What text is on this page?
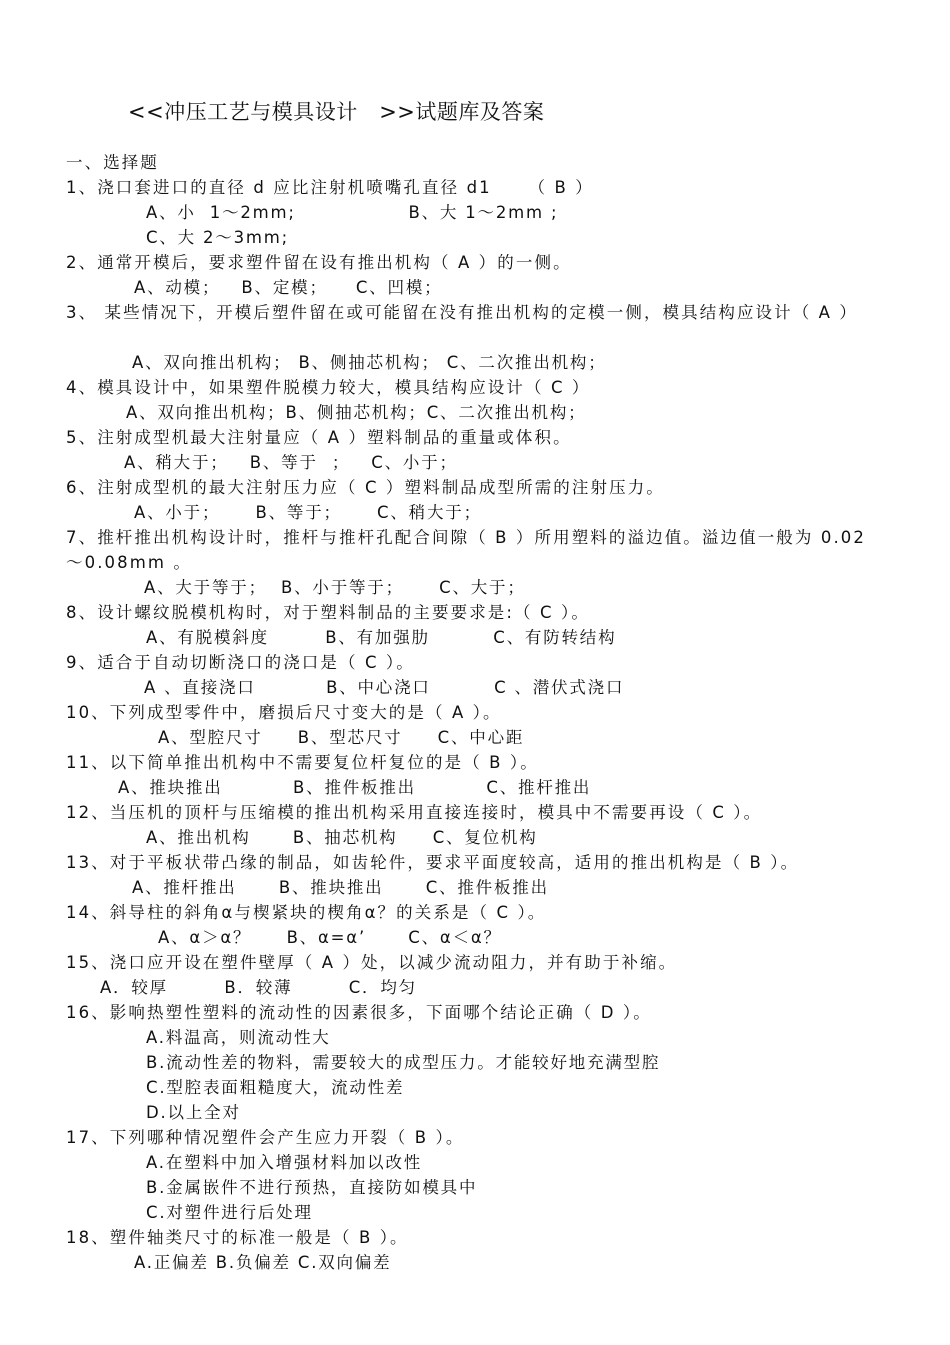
<<冲压工艺与模具设计   >>试题库及答案
一、选择题
1、浇口套进口的直径 d 应比注射机喷嘴孔直径 d1     （ B ）
A、小  1～2mm;                B、大 1～2mm ;
C、大 2～3mm;
2、通常开模后，要求塑件留在设有推出机构（ A ）的一侧。
A、动模；   B、定模；    C、凹模；
3、 某些情况下，开模后塑件留在或可能留在没有推出机构的定模一侧，模具结构应设计（ A ）
A、双向推出机构； B、侧抽芯机构； C、二次推出机构；
4、模具设计中，如果塑件脱模力较大，模具结构应设计（ C ）
A、双向推出机构；B、侧抽芯机构；C、二次推出机构；
5、注射成型机最大注射量应（ A ）塑料制品的重量或体积。
A、稍大于；   B、等于  ；   C、小于；
6、注射成型机的最大注射压力应（ C ）塑料制品成型所需的注射压力。
A、小于；     B、等于；     C、稍大于；
7、推杆推出机构设计时，推杆与推杆孔配合间隙（ B ）所用塑料的溢边值。溢边值一般为 0.02 ～0.08mm 。
A、大于等于；  B、小于等于；     C、大于；
8、设计螺纹脱模机构时，对于塑料制品的主要要求是:（ C ）。
A、有脱模斜度        B、有加强肋         C、有防转结构
9、适合于自动切断浇口的浇口是（ C ）。
A 、直接浇口          B、中心浇口         C 、潜伏式浇口
10、下列成型零件中，磨损后尺寸变大的是（ A ）。
A、型腔尺寸     B、型芯尺寸     C、中心距
11、以下简单推出机构中不需要复位杆复位的是（ B ）。
A、推块推出          B、推件板推出          C、推杆推出
12、当压机的顶杆与压缩模的推出机构采用直接连接时，模具中不需要再设（ C ）。
A、推出机构      B、抽芯机构     C、复位机构
13、对于平板状带凸缘的制品，如齿轮件，要求平面度较高，适用的推出机构是（ B ）。
A、推杆推出      B、推块推出      C、推件板推出
14、斜导柱的斜角α与楔紧块的楔角α？的关系是（ C ）。
A、α＞α？     B、α=α’      C、α＜α？
15、浇口应开设在塑件壁厚（ A ）处，以减少流动阻力，并有助于补缩。
A．较厚        B．较薄        C．均匀
16、影响热塑性塑料的流动性的因素很多，下面哪个结论正确（ D ）。
A.料温高，则流动性大
B.流动性差的物料，需要较大的成型压力。才能较好地充满型腔
C.型腔表面粗糙度大，流动性差
D.以上全对
17、下列哪种情况塑件会产生应力开裂（ B ）。
A.在塑料中加入增强材料加以改性
B.金属嵌件不进行预热，直接防如模具中
C.对塑件进行后处理
18、塑件轴类尺寸的标准一般是（ B ）。
A.正偏差 B.负偏差 C.双向偏差
